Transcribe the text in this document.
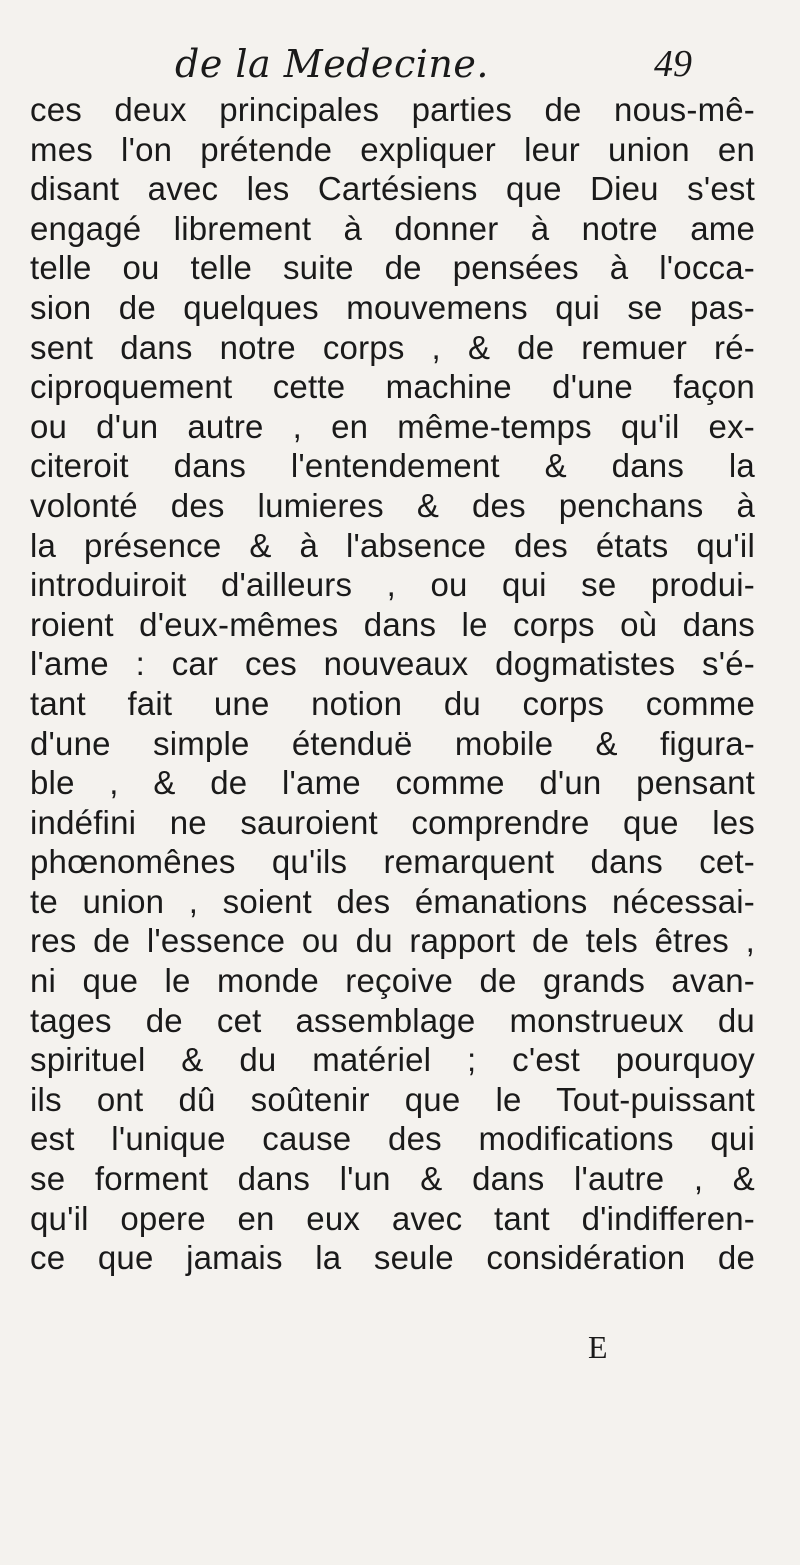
de la Medecine.	49
ces deux principales parties de nous-mê-
mes l'on prétende expliquer leur union en
disant avec les Cartésiens que Dieu s'est
engagé librement à donner à notre ame
telle ou telle suite de pensées à l'occa-
sion de quelques mouvemens qui se pas-
sent dans notre corps , & de remuer ré-
ciproquement cette machine d'une façon
ou d'un autre , en même-temps qu'il ex-
citeroit dans l'entendement & dans la
volonté des lumieres & des penchans à
la présence & à l'absence des états qu'il
introduiroit d'ailleurs , ou qui se produi-
roient d'eux-mêmes dans le corps où dans
l'ame : car ces nouveaux dogmatistes s'é-
tant fait une notion du corps comme
d'une simple étenduë mobile & figura-
ble , & de l'ame comme d'un pensant
indéfini ne sauroient comprendre que les
phœnomênes qu'ils remarquent dans cet-
te union , soient des émanations nécessai-
res de l'essence ou du rapport de tels êtres ,
ni que le monde reçoive de grands avan-
tages de cet assemblage monstrueux du
spirituel & du matériel ; c'est pourquoy
ils ont dû soûtenir que le Tout-puissant
est l'unique cause des modifications qui
se forment dans l'un & dans l'autre , &
qu'il opere en eux avec tant d'indifferen-
ce que jamais la seule considération de
E
